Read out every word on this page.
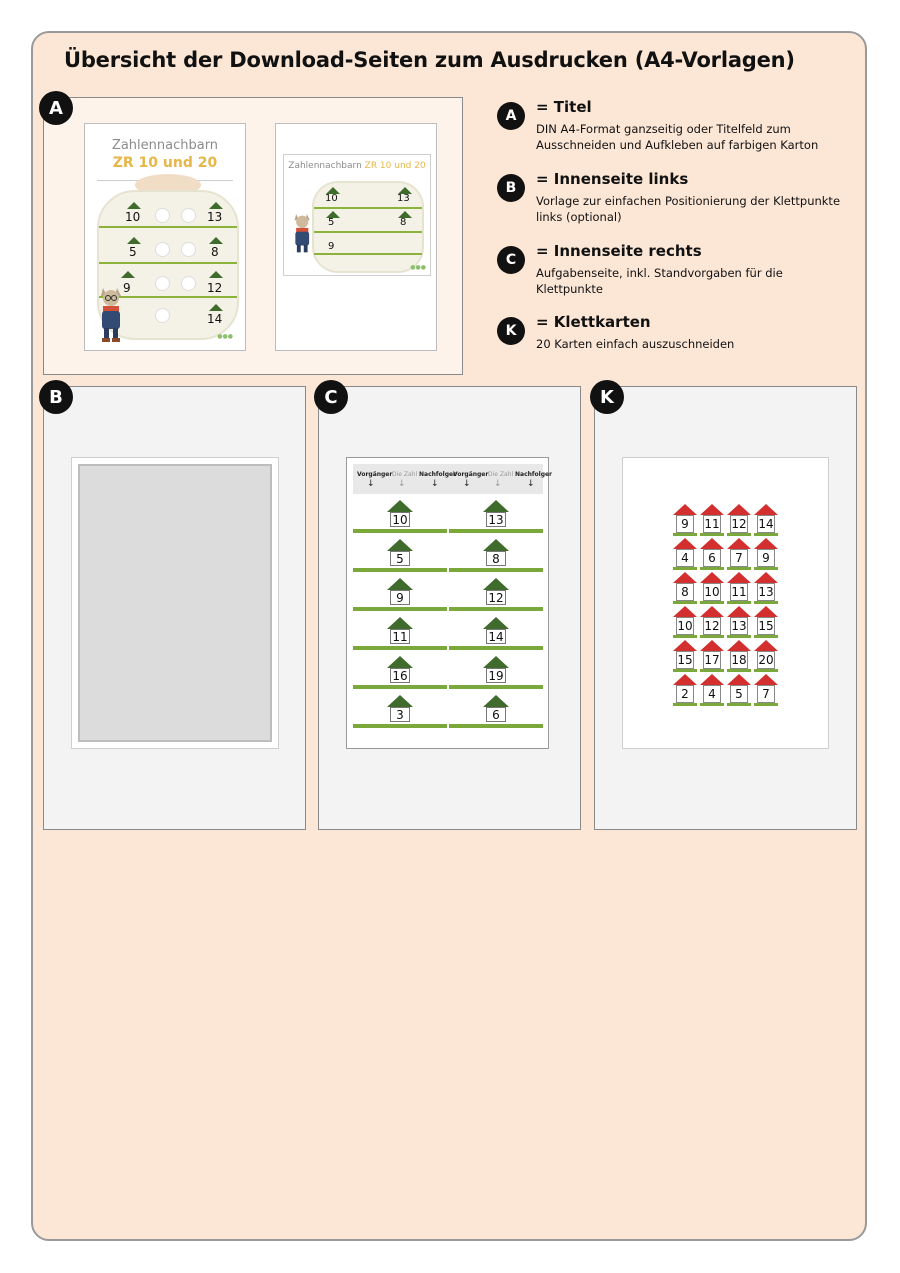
Übersicht der Download-Seiten zum Ausdrucken (A4-Vorlagen)
A
Zahlennachbarn
ZR 10 und 20
10	13
5	8
9	12
14
●●●
Zahlennachbarn ZR 10 und 20
10	13
5	8
9
●●●
A	= Titel
DIN A4-Format ganzseitig oder Titelfeld zum Ausschneiden und Aufkleben auf farbigen Karton
B	= Innenseite links
Vorlage zur einfachen Positionierung der Klettpunkte links (optional)
C	= Innenseite rechts
Aufgabenseite, inkl. Standvorgaben für die Klettpunkte
K	= Klettkarten
20 Karten einfach auszuschneiden
B	C
Vorgänger Die Zahl Nachfolger
Vorgänger Die Zahl Nachfolger
↓	↓	↓	↓	↓	↓
10	13
5	8
9	12
11	14
16	19
3	6
K
9	11 12 14
4	6	7	9
8	10 11 13
10 12 13 15
15 17 18 20
2	4	5	7
